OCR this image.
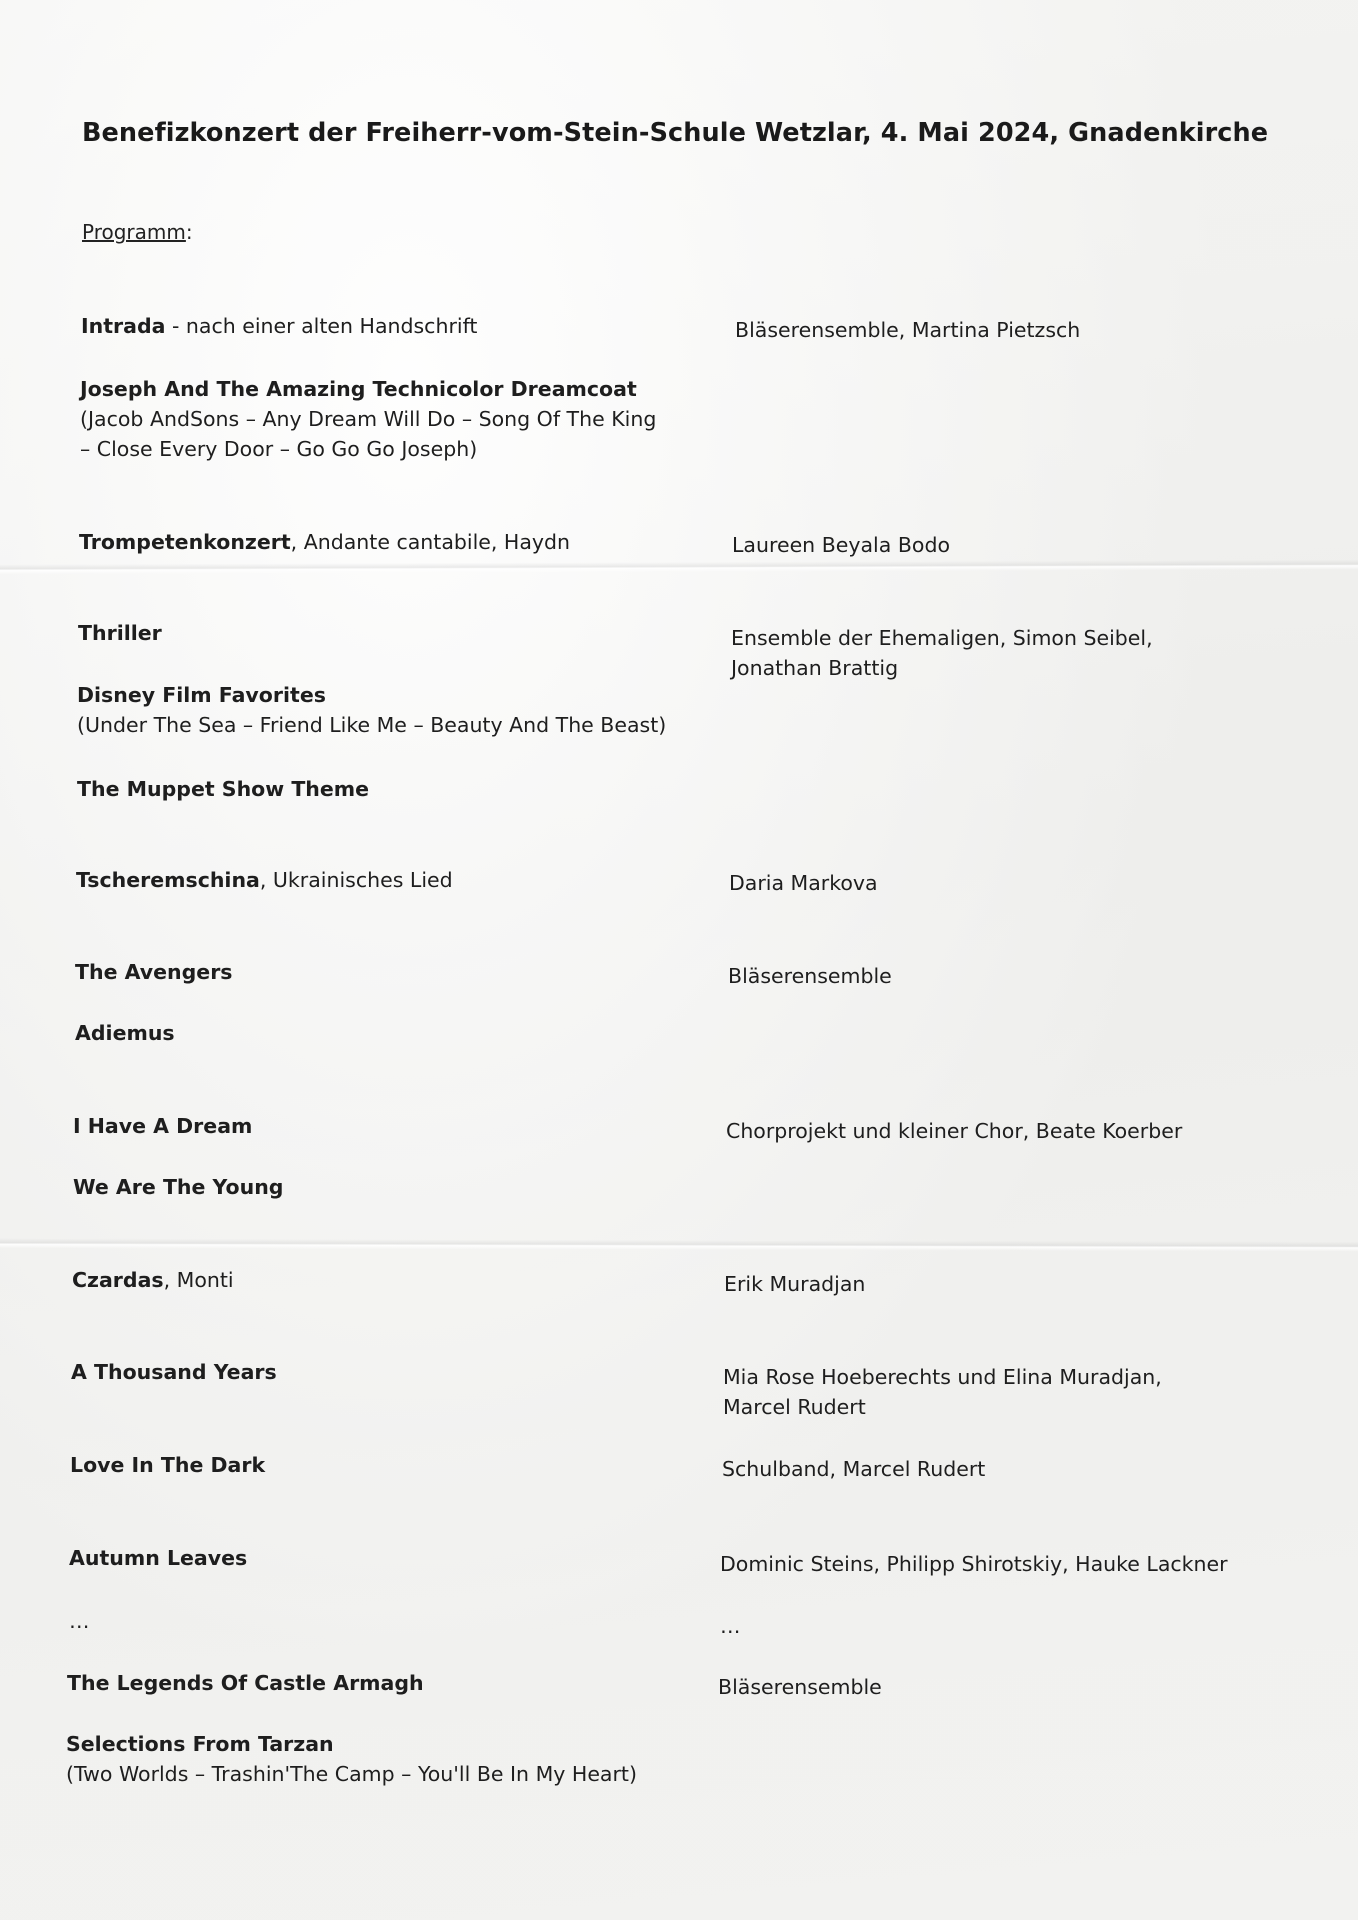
Benefizkonzert der Freiherr-vom-Stein-Schule Wetzlar, 4. Mai 2024, Gnadenkirche
Programm:
Intrada - nach einer alten Handschrift
Joseph And The Amazing Technicolor Dreamcoat
(Jacob AndSons – Any Dream Will Do – Song Of The King
– Close Every Door – Go Go Go Joseph)
Trompetenkonzert, Andante cantabile, Haydn
Thriller
Disney Film Favorites
(Under The Sea – Friend Like Me – Beauty And The Beast)
The Muppet Show Theme
Tscheremschina, Ukrainisches Lied
The Avengers
Adiemus
I Have A Dream
We Are The Young
Czardas, Monti
A Thousand Years
Love In The Dark
Autumn Leaves
…
The Legends Of Castle Armagh
Selections From Tarzan
(Two Worlds – Trashin'The Camp – You'll Be In My Heart)
Bläserensemble, Martina Pietzsch
Laureen Beyala Bodo
Ensemble der Ehemaligen, Simon Seibel,
Jonathan Brattig
Daria Markova
Bläserensemble
Chorprojekt und kleiner Chor, Beate Koerber
Erik Muradjan
Mia Rose Hoeberechts und Elina Muradjan,
Marcel Rudert
Schulband, Marcel Rudert
Dominic Steins, Philipp Shirotskiy, Hauke Lackner
…
Bläserensemble
